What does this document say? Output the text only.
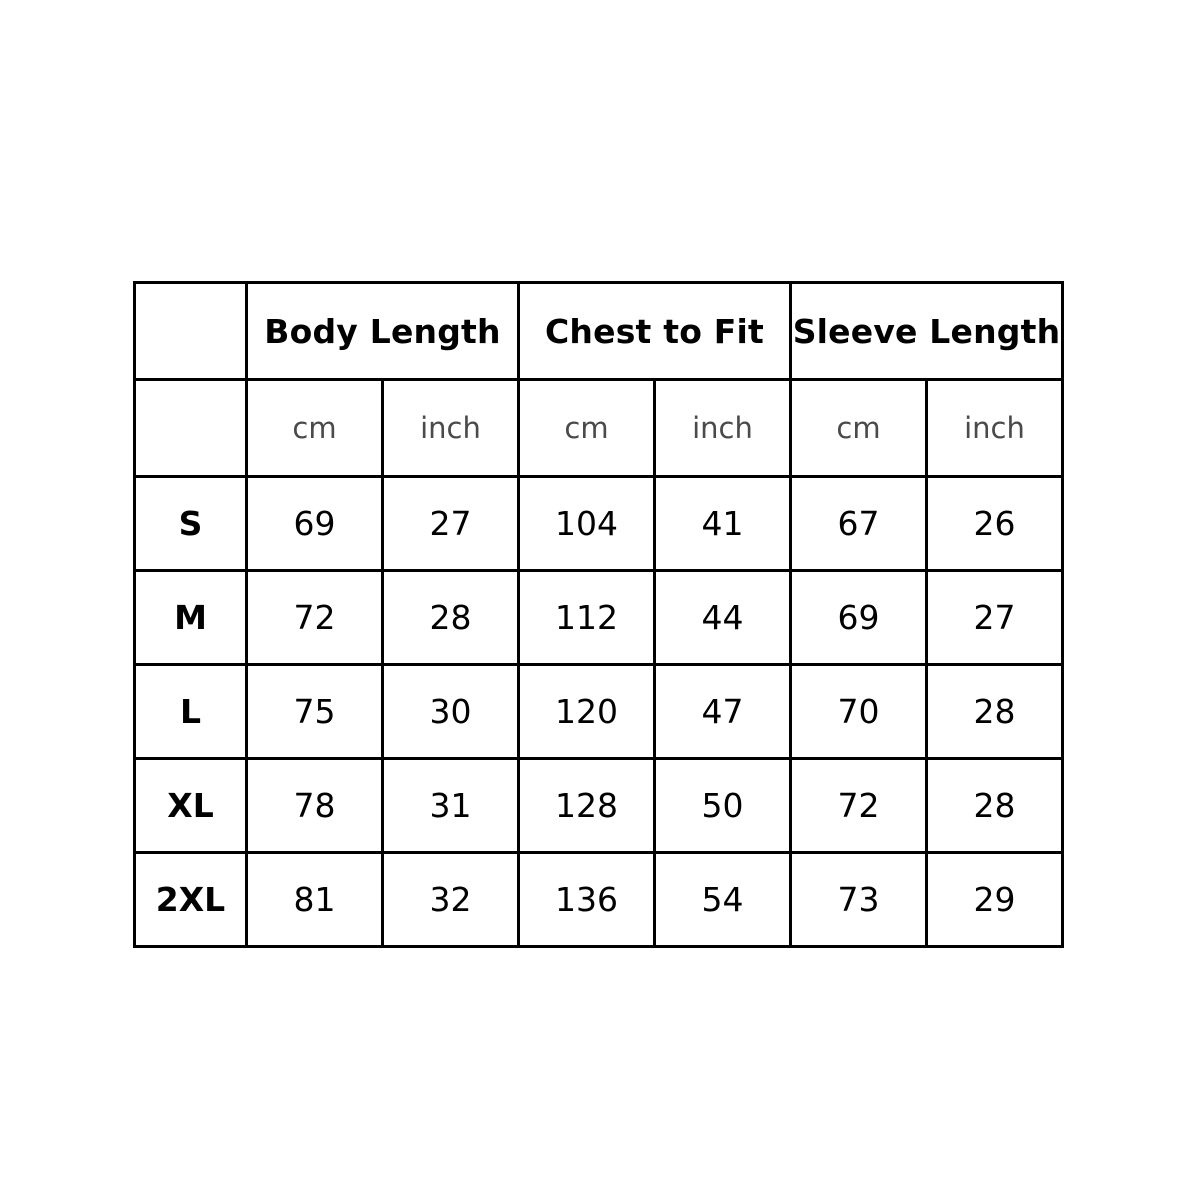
	Body Length		Chest to Fit		Sleeve Length	
	cm	inch	cm	inch	cm	inch
S	69	27	104	41	67	26
M	72	28	112	44	69	27
L	75	30	120	47	70	28
XL	78	31	128	50	72	28
2XL	81	32	136	54	73	29
